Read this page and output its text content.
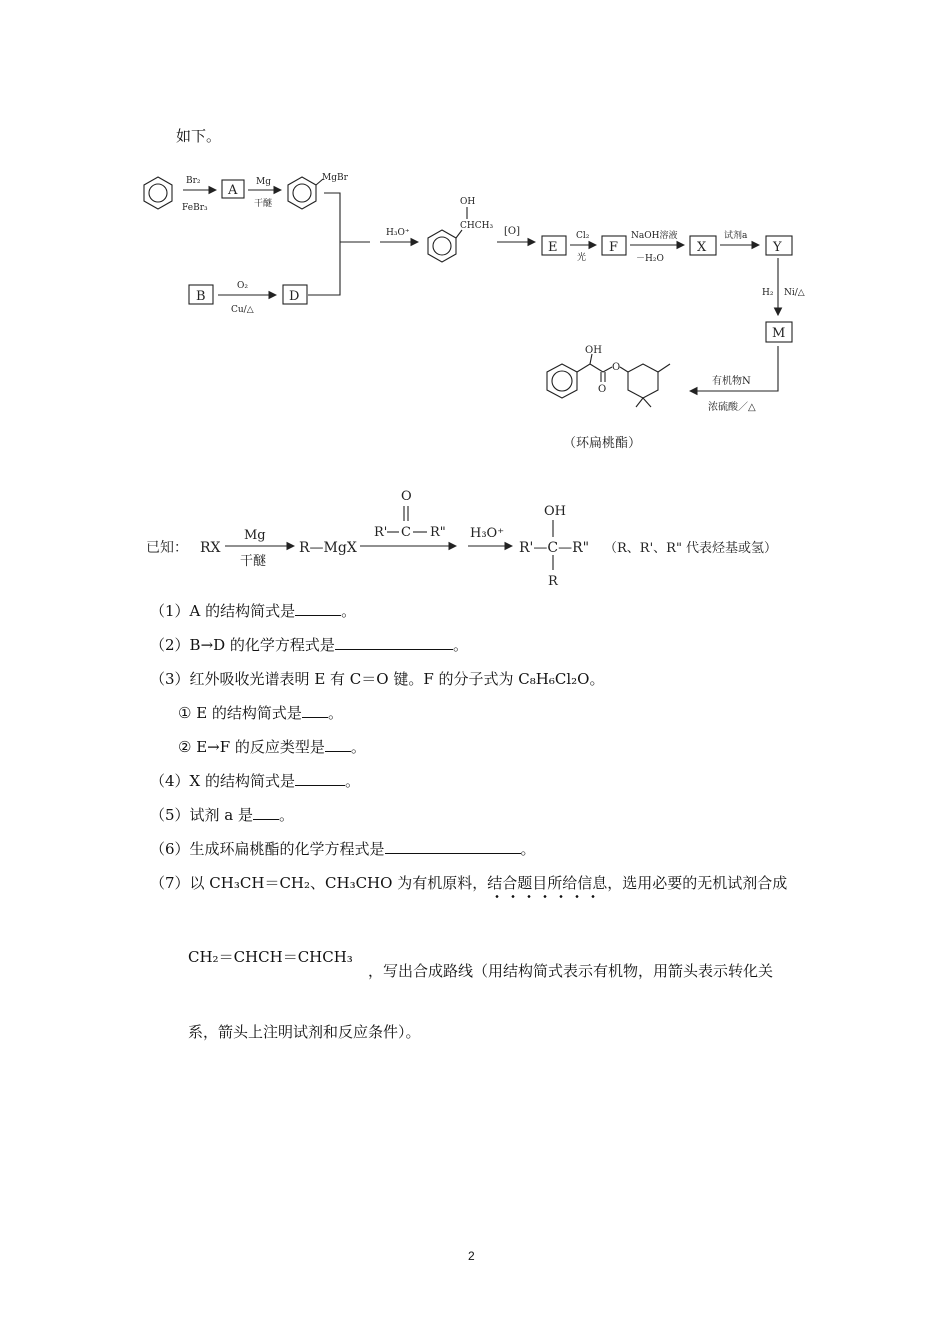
如下。
Br₂
FeBr₃
A
Mg
干醚
MgBr
B
O₂
Cu/△
D
H₃O⁺
OH
CHCH₃ [O]
E
Cl₂
光
F
NaOH溶液
－H₂O
X
试剂a
Y
H₂ Ni/△
M
有机物N
浓硫酸／△
OH
O
O
（环扁桃酯）
已知： RX
Mg
干醚
R—MgX
O
R' C R" H₃O⁺
OH
R'—C—R"
R
（R、R'、R" 代表烃基或氢）
（1）A 的结构简式是	。
（2）B→D 的化学方程式是	。
（3）红外吸收光谱表明 E 有 C＝O 键。F 的分子式为 C₈H₆Cl₂O。
① E 的结构简式是 。
② E→F 的反应类型是 。
（4）X 的结构简式是	。
（5）试剂 a 是 。
（6）生成环扁桃酯的化学方程式是	。
（7）以 CH₃CH＝CH₂、CH₃CHO 为有机原料，结合题目所给信息，选用必要的无机试剂合成
CH₂＝CHCH＝CHCH₃
，写出合成路线（用结构简式表示有机物，用箭头表示转化关
系，箭头上注明试剂和反应条件）。
2
